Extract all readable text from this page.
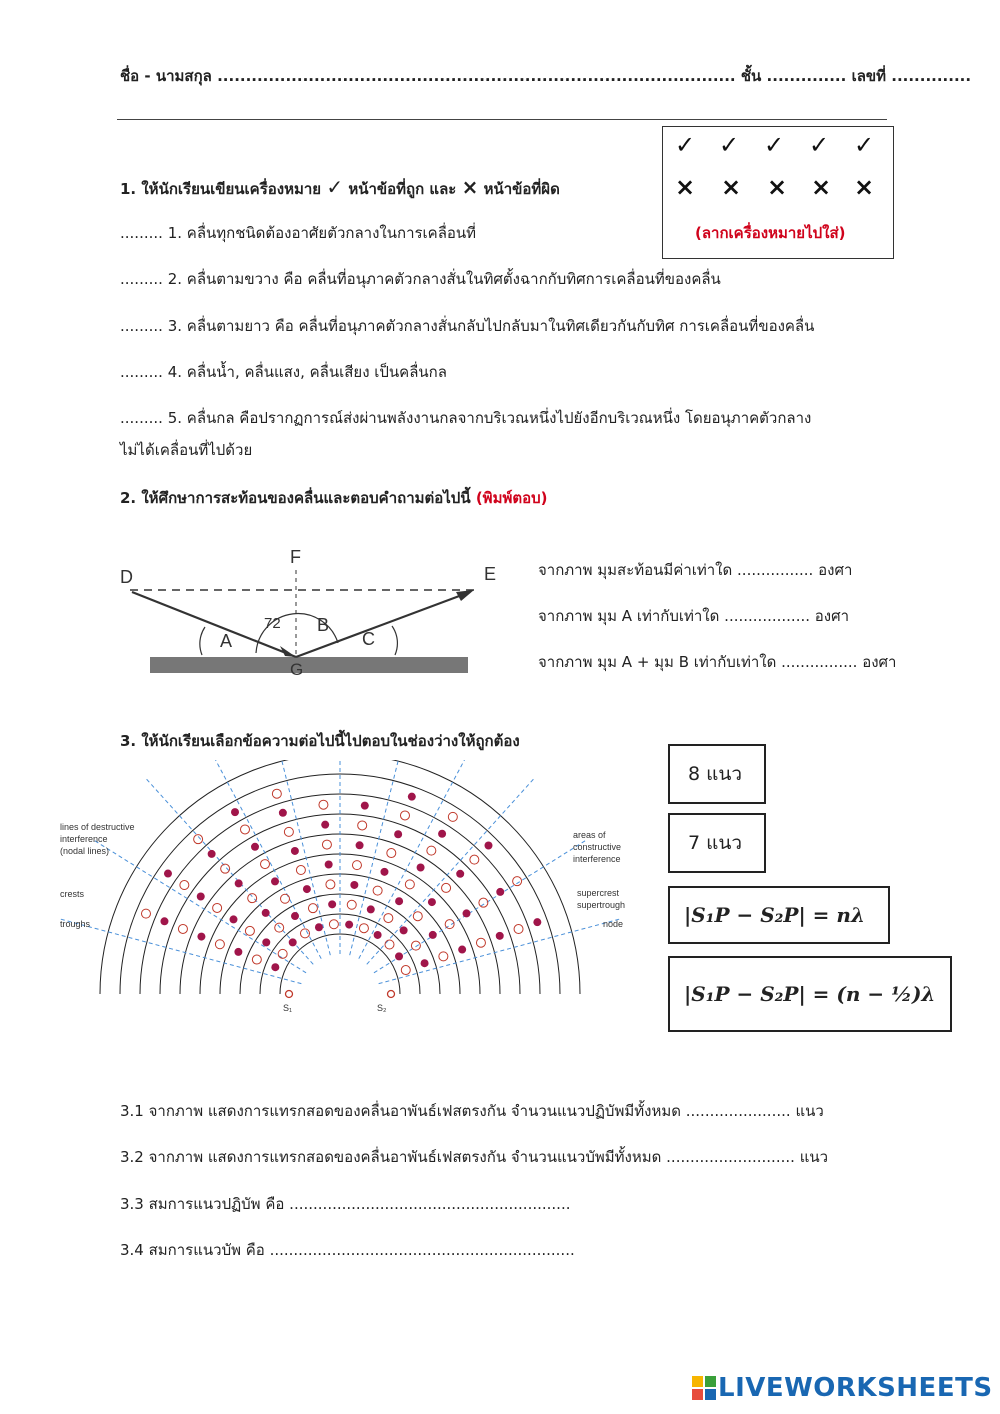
ชื่อ - นามสกุล ........................................................................................... ชั้น .............. เลขที่ ..............
✓ ✓ ✓ ✓ ✓
× × × × ×
(ลากเครื่องหมายไปใส่)
1. ให้นักเรียนเขียนเครื่องหมาย ✓ หน้าข้อที่ถูก และ × หน้าข้อที่ผิด
......... 1. คลื่นทุกชนิดต้องอาศัยตัวกลางในการเคลื่อนที่
......... 2. คลื่นตามขวาง คือ คลื่นที่อนุภาคตัวกลางสั่นในทิศตั้งฉากกับทิศการเคลื่อนที่ของคลื่น
......... 3. คลื่นตามยาว คือ คลื่นที่อนุภาคตัวกลางสั่นกลับไปกลับมาในทิศเดียวกันกับทิศ การเคลื่อนที่ของคลื่น
......... 4. คลื่นน้ำ, คลื่นแสง, คลื่นเสียง เป็นคลื่นกล
......... 5. คลื่นกล คือปรากฏการณ์ส่งผ่านพลังงานกลจากบริเวณหนึ่งไปยังอีกบริเวณหนึ่ง โดยอนุภาคตัวกลาง
ไม่ได้เคลื่อนที่ไปด้วย
2. ให้ศึกษาการสะท้อนของคลื่นและตอบคำถามต่อไปนี้ (พิมพ์ตอบ)
D	E
F
G
A
B
C
72
จากภาพ มุมสะท้อนมีค่าเท่าใด ................ องศา
จากภาพ มุม A เท่ากับเท่าใด .................. องศา
จากภาพ มุม A + มุม B เท่ากับเท่าใด ................ องศา
3. ให้นักเรียนเลือกข้อความต่อไปนี้ไปตอบในช่องว่างให้ถูกต้อง
lines of destructive
interference
(nodal lines)
crests
troughs
areas of
constructive
interference
supercrest
supertrough
node
S₁	S₂
8 แนว
7 แนว
|S₁P − S₂P| = nλ
|S₁P − S₂P| = (n − ½)λ
3.1 จากภาพ แสดงการแทรกสอดของคลื่นอาพันธ์เฟสตรงกัน จำนวนแนวปฏิบัพมีทั้งหมด ...................... แนว
3.2 จากภาพ แสดงการแทรกสอดของคลื่นอาพันธ์เฟสตรงกัน จำนวนแนวบัพมีทั้งหมด ........................... แนว
3.3 สมการแนวปฏิบัพ คือ ...........................................................
3.4 สมการแนวบัพ คือ ................................................................
LIVEWORKSHEETS
